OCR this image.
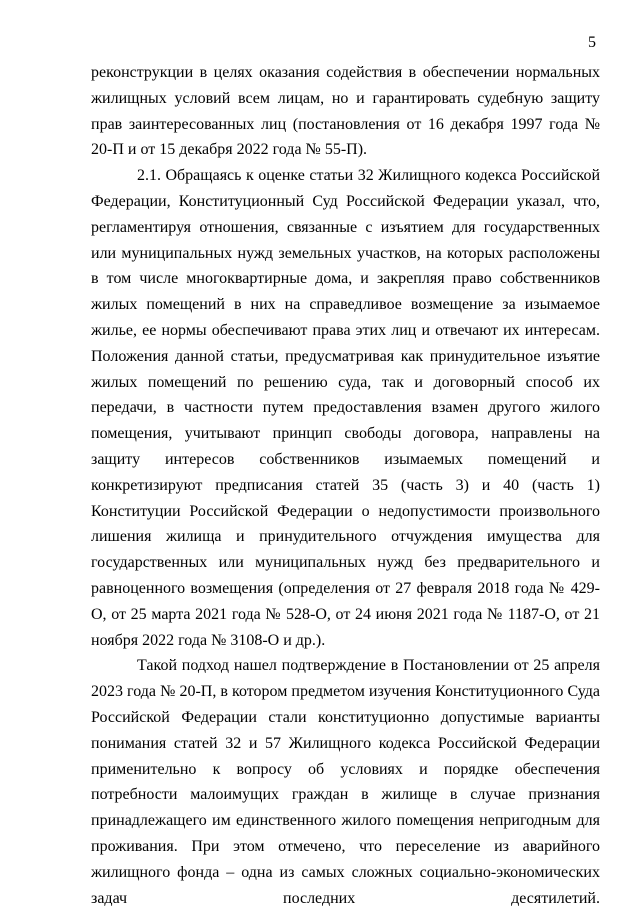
5

реконструкции в целях оказания содействия в обеспечении нормальных жилищных условий всем лицам, но и гарантировать судебную защиту прав заинтересованных лиц (постановления от 16 декабря 1997 года № 20-П и от 15 декабря 2022 года № 55-П).

2.1. Обращаясь к оценке статьи 32 Жилищного кодекса Российской Федерации, Конституционный Суд Российской Федерации указал, что, регламентируя отношения, связанные с изъятием для государственных или муниципальных нужд земельных участков, на которых расположены в том числе многоквартирные дома, и закрепляя право собственников жилых помещений в них на справедливое возмещение за изымаемое жилье, ее нормы обеспечивают права этих лиц и отвечают их интересам. Положения данной статьи, предусматривая как принудительное изъятие жилых помещений по решению суда, так и договорный способ их передачи, в частности путем предоставления взамен другого жилого помещения, учитывают принцип свободы договора, направлены на защиту интересов собственников изымаемых помещений и конкретизируют предписания статей 35 (часть 3) и 40 (часть 1) Конституции Российской Федерации о недопустимости произвольного лишения жилища и принудительного отчуждения имущества для государственных или муниципальных нужд без предварительного и равноценного возмещения (определения от 27 февраля 2018 года № 429-О, от 25 марта 2021 года № 528-О, от 24 июня 2021 года № 1187-О, от 21 ноября 2022 года № 3108-О и др.).

Такой подход нашел подтверждение в Постановлении от 25 апреля 2023 года № 20-П, в котором предметом изучения Конституционного Суда Российской Федерации стали конституционно допустимые варианты понимания статей 32 и 57 Жилищного кодекса Российской Федерации применительно к вопросу об условиях и порядке обеспечения потребности малоимущих граждан в жилище в случае признания принадлежащего им единственного жилого помещения непригодным для проживания. При этом отмечено, что переселение из аварийного жилищного фонда – одна из самых сложных социально-экономических задач последних десятилетий.
